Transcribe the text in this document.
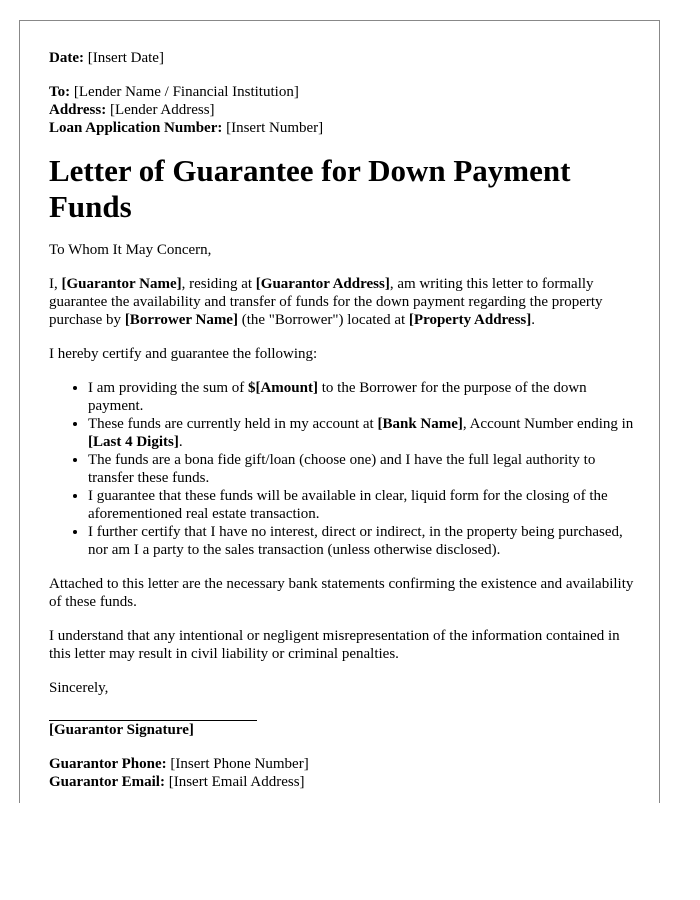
Date: [Insert Date]

To: [Lender Name / Financial Institution]

Address: [Lender Address]

Loan Application Number: [Insert Number]

Letter of Guarantee for Down Payment Funds

To Whom It May Concern,

I, [Guarantor Name], residing at [Guarantor Address], am writing this letter to formally guarantee the availability and transfer of funds for the down payment regarding the property purchase by [Borrower Name] (the "Borrower") located at [Property Address].

I hereby certify and guarantee the following:

• I am providing the sum of $[Amount] to the Borrower for the purpose of the down payment.
• These funds are currently held in my account at [Bank Name], Account Number ending in [Last 4 Digits].
• The funds are a bona fide gift/loan (choose one) and I have the full legal authority to transfer these funds.
• I guarantee that these funds will be available in clear, liquid form for the closing of the aforementioned real estate transaction.
• I further certify that I have no interest, direct or indirect, in the property being purchased, nor am I a party to the sales transaction (unless otherwise disclosed).

Attached to this letter are the necessary bank statements confirming the existence and availability of these funds.

I understand that any intentional or negligent misrepresentation of the information contained in this letter may result in civil liability or criminal penalties.

Sincerely,

[Guarantor Signature]

Guarantor Phone: [Insert Phone Number]

Guarantor Email: [Insert Email Address]
